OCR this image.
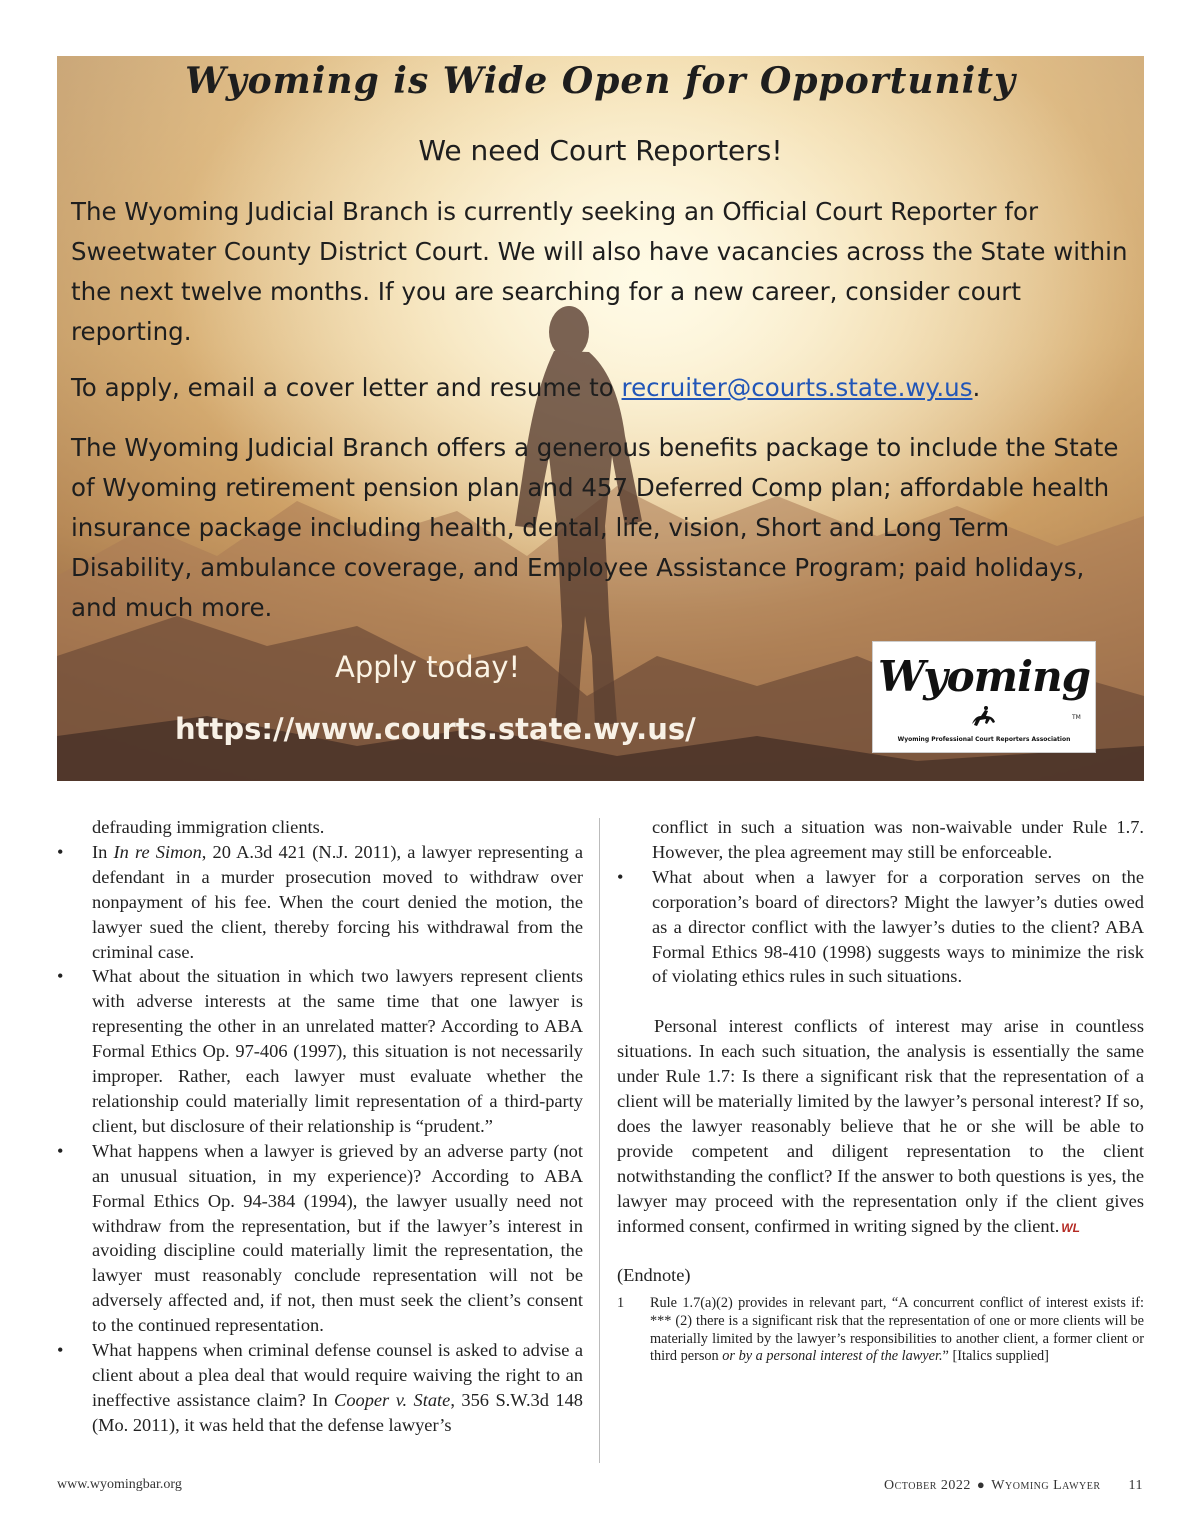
Wyoming is Wide Open for Opportunity
We need Court Reporters!
The Wyoming Judicial Branch is currently seeking an Official Court Reporter for Sweetwater County District Court. We will also have vacancies across the State within the next twelve months. If you are searching for a new career, consider court reporting.
To apply, email a cover letter and resume to recruiter@courts.state.wy.us.
The Wyoming Judicial Branch offers a generous benefits package to include the State of Wyoming retirement pension plan and 457 Deferred Comp plan; affordable health insurance package including health, dental, life, vision, Short and Long Term Disability, ambulance coverage, and Employee Assistance Program; paid holidays, and much more.
Apply today!
https://www.courts.state.wy.us/
Wyoming
TM
Wyoming Professional Court Reporters Association
defrauding immigration clients.
• In In re Simon, 20 A.3d 421 (N.J. 2011), a lawyer representing a defendant in a murder prosecution moved to withdraw over nonpayment of his fee. When the court denied the motion, the lawyer sued the client, thereby forcing his withdrawal from the criminal case.
• What about the situation in which two lawyers represent clients with adverse interests at the same time that one lawyer is representing the other in an unrelated matter? According to ABA Formal Ethics Op. 97-406 (1997), this situation is not necessarily improper. Rather, each lawyer must evaluate whether the relationship could materially limit representation of a third-party client, but disclosure of their relationship is “prudent.”
• What happens when a lawyer is grieved by an adverse party (not an unusual situation, in my experience)? According to ABA Formal Ethics Op. 94-384 (1994), the lawyer usually need not withdraw from the representation, but if the lawyer’s interest in avoiding discipline could materially limit the representation, the lawyer must reasonably conclude representation will not be adversely affected and, if not, then must seek the client’s consent to the continued representation.
• What happens when criminal defense counsel is asked to advise a client about a plea deal that would require waiving the right to an ineffective assistance claim? In Cooper v. State, 356 S.W.3d 148 (Mo. 2011), it was held that the defense lawyer’s
conflict in such a situation was non-waivable under Rule 1.7. However, the plea agreement may still be enforceable.
• What about when a lawyer for a corporation serves on the corporation’s board of directors? Might the lawyer’s duties owed as a director conflict with the lawyer’s duties to the client? ABA Formal Ethics 98-410 (1998) suggests ways to minimize the risk of violating ethics rules in such situations.
Personal interest conflicts of interest may arise in countless situations. In each such situation, the analysis is essentially the same under Rule 1.7: Is there a significant risk that the representation of a client will be materially limited by the lawyer’s personal interest? If so, does the lawyer reasonably believe that he or she will be able to provide competent and diligent representation to the client notwithstanding the conflict? If the answer to both questions is yes, the lawyer may proceed with the representation only if the client gives informed consent, confirmed in writing signed by the client. WL
(Endnote)
1	Rule 1.7(a)(2) provides in relevant part, “A concurrent conflict of interest exists if: *** (2) there is a significant risk that the representation of one or more clients will be materially limited by the lawyer’s responsibilities to another client, a former client or third person or by a personal interest of the lawyer.” [Italics supplied]
www.wyomingbar.org	October 2022 ● Wyoming Lawyer 11
